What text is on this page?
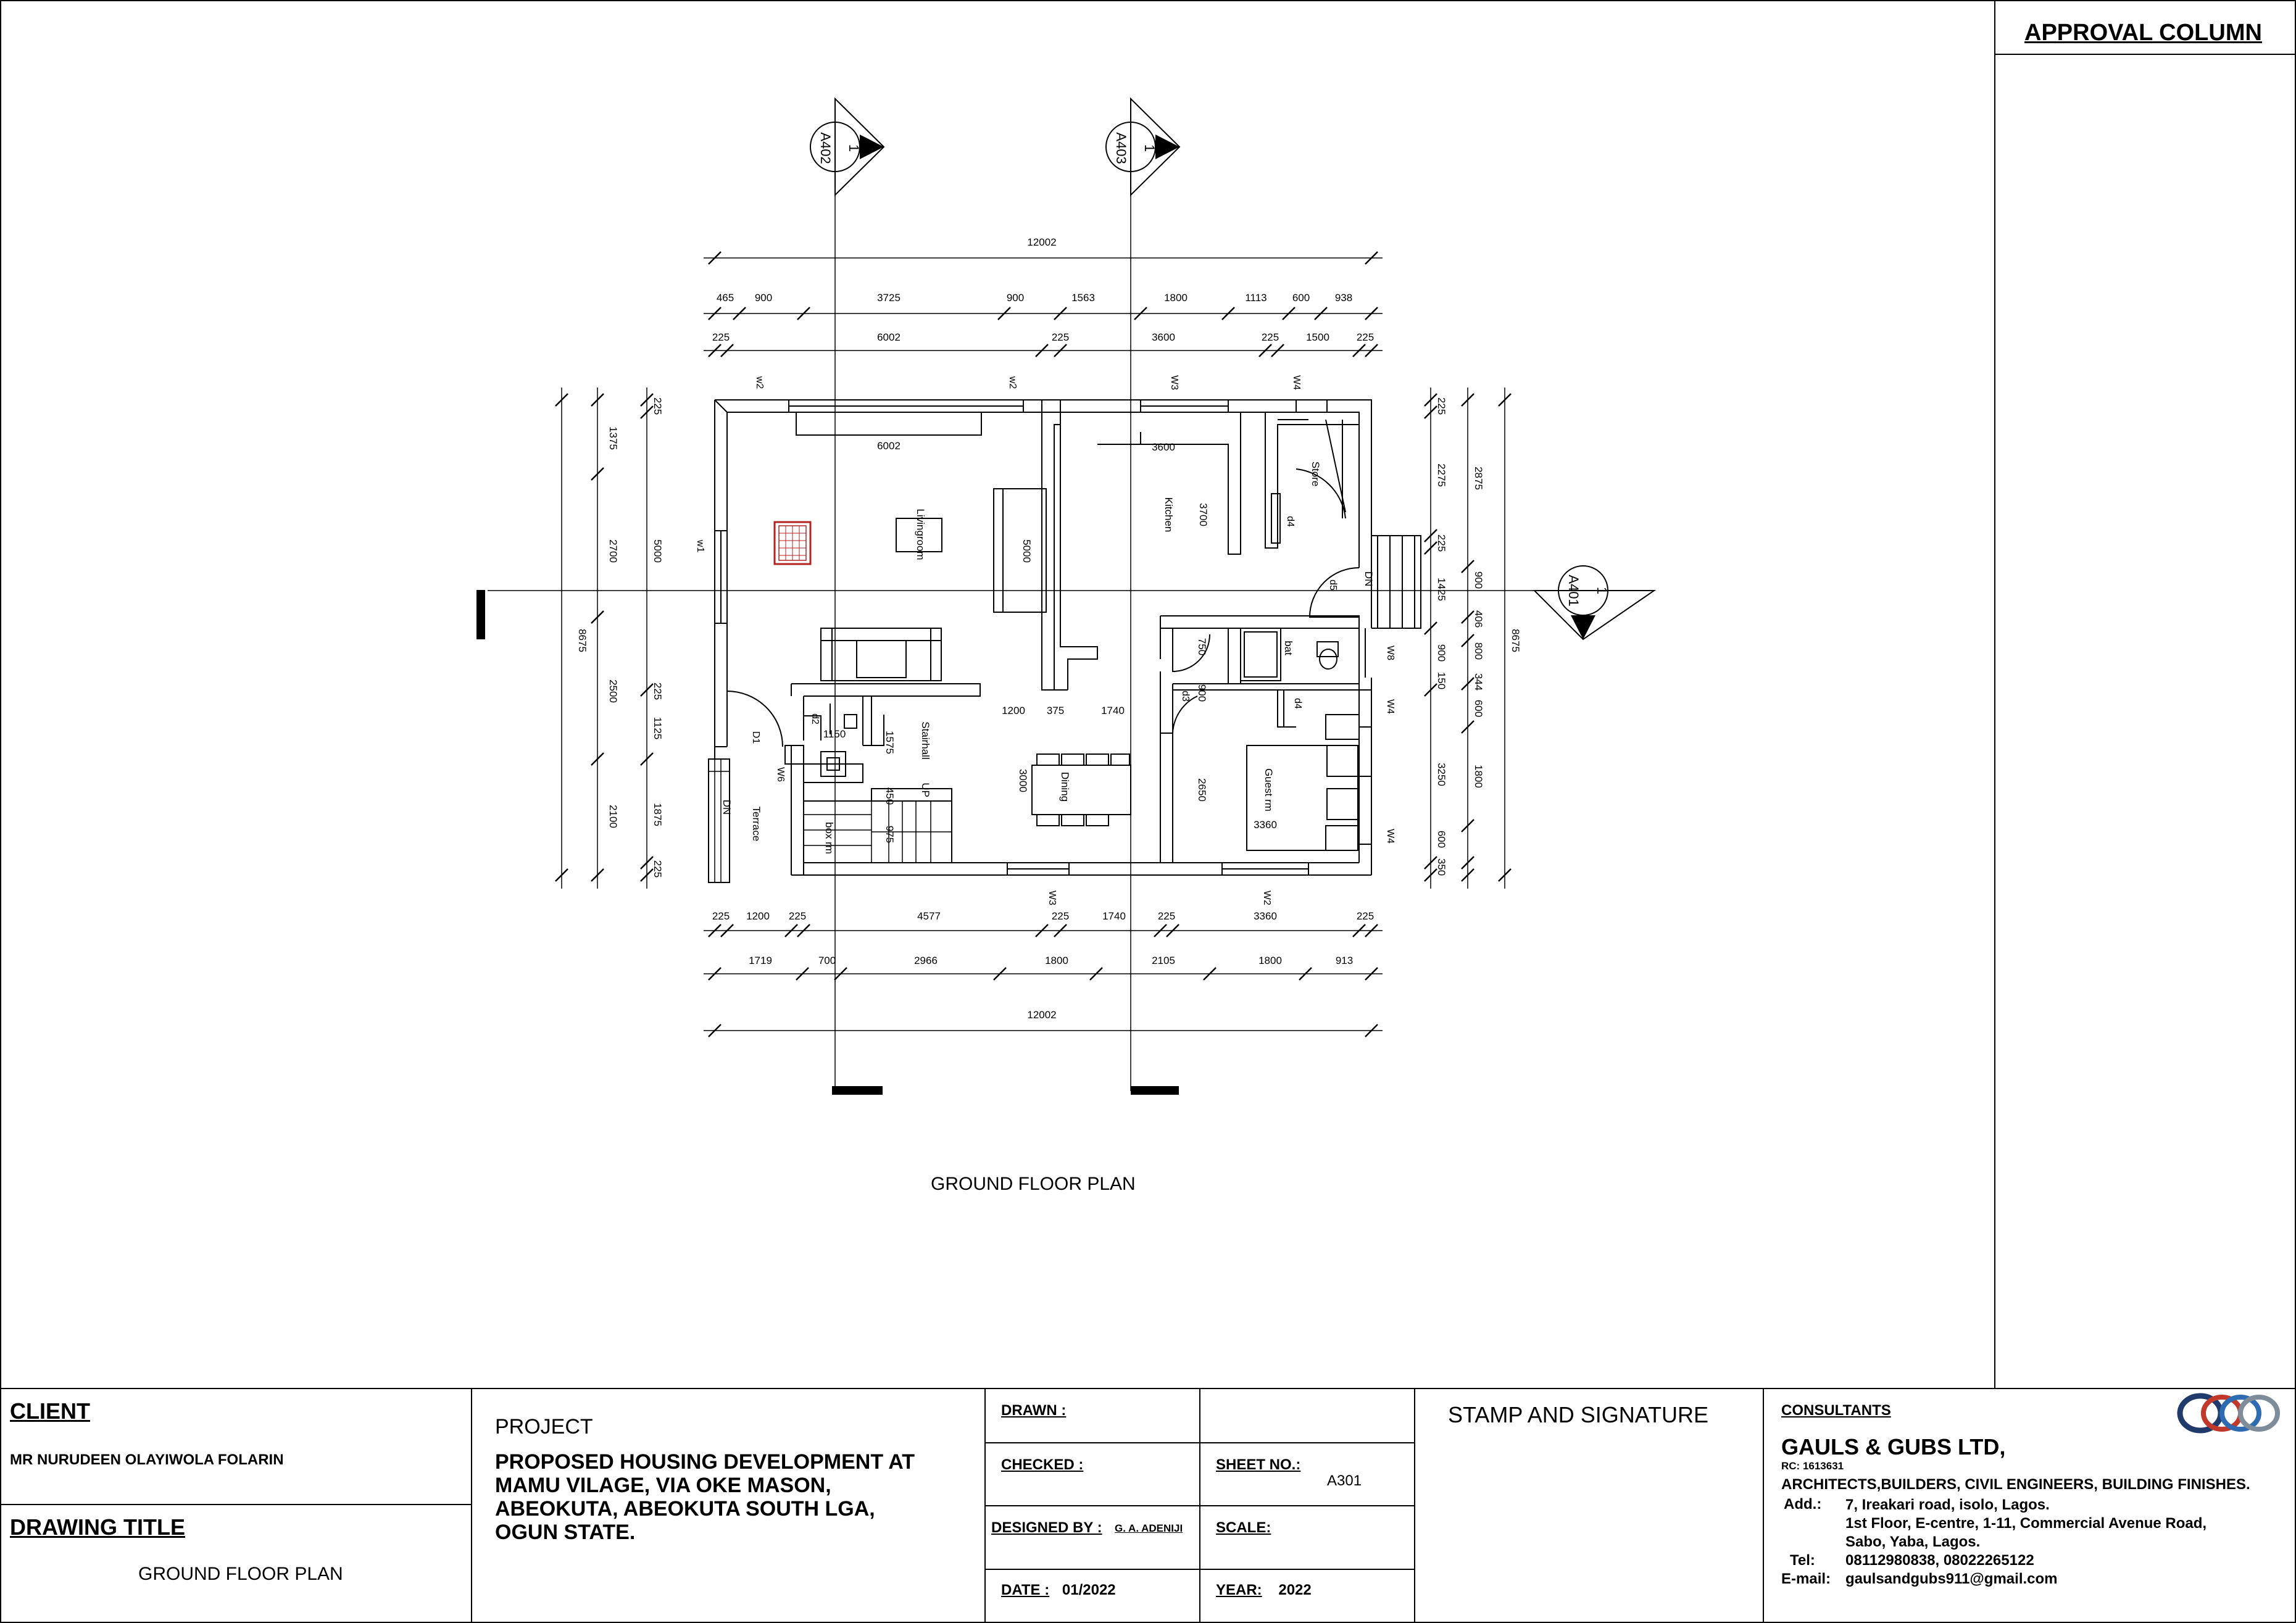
APPROVAL COLUMN
1
A402	1
A403
1
A401
12002
12002
465 900	3725	900	1563	1800	1113 600 938
225	6002	225	3600	225	1500	225
225 1200 225	4577	225	1740	225	3360	225
1719	700	2966	1800	2105	1800	913
8675
1375
2700
2500
2100
225
5000
225
1125
1875
225
225
2275
225
1425
900
150
3250
600
350
2875
900
406
800
344
600
1800
8675
Livingroom
6002
5000
Kitchen
3600
3700
Store
bat
Guest rm
3360
2650
Dining
3000
Stairhall
UP
box rm
Terrace
DN
DN
1200 375	1740
750
900
1575
1150
450
975
w2	w2	W3	W4
w1
W6
W3	W2
W8
W4
W4
D1
d2
d3
d4
d4
d5
GROUND FLOOR PLAN
CLIENT
MR NURUDEEN OLAYIWOLA FOLARIN
DRAWING TITLE
GROUND FLOOR PLAN
PROJECT
PROPOSED HOUSING DEVELOPMENT AT
MAMU VILAGE, VIA OKE MASON,
ABEOKUTA, ABEOKUTA SOUTH LGA,
OGUN STATE.
DRAWN :
CHECKED :
DESIGNED BY : G. A. ADENIJI
DATE : 01/2022
SHEET NO.:
A301
SCALE:
YEAR: 2022
STAMP AND SIGNATURE	CONSULTANTS
GAULS & GUBS LTD,
RC: 1613631
ARCHITECTS,BUILDERS, CIVIL ENGINEERS, BUILDING FINISHES.
Add.: 7, Ireakari road, isolo, Lagos.
1st Floor, E-centre, 1-11, Commercial Avenue Road,
Sabo, Yaba, Lagos.
Tel: 08112980838, 08022265122
E-mail: gaulsandgubs911@gmail.com
